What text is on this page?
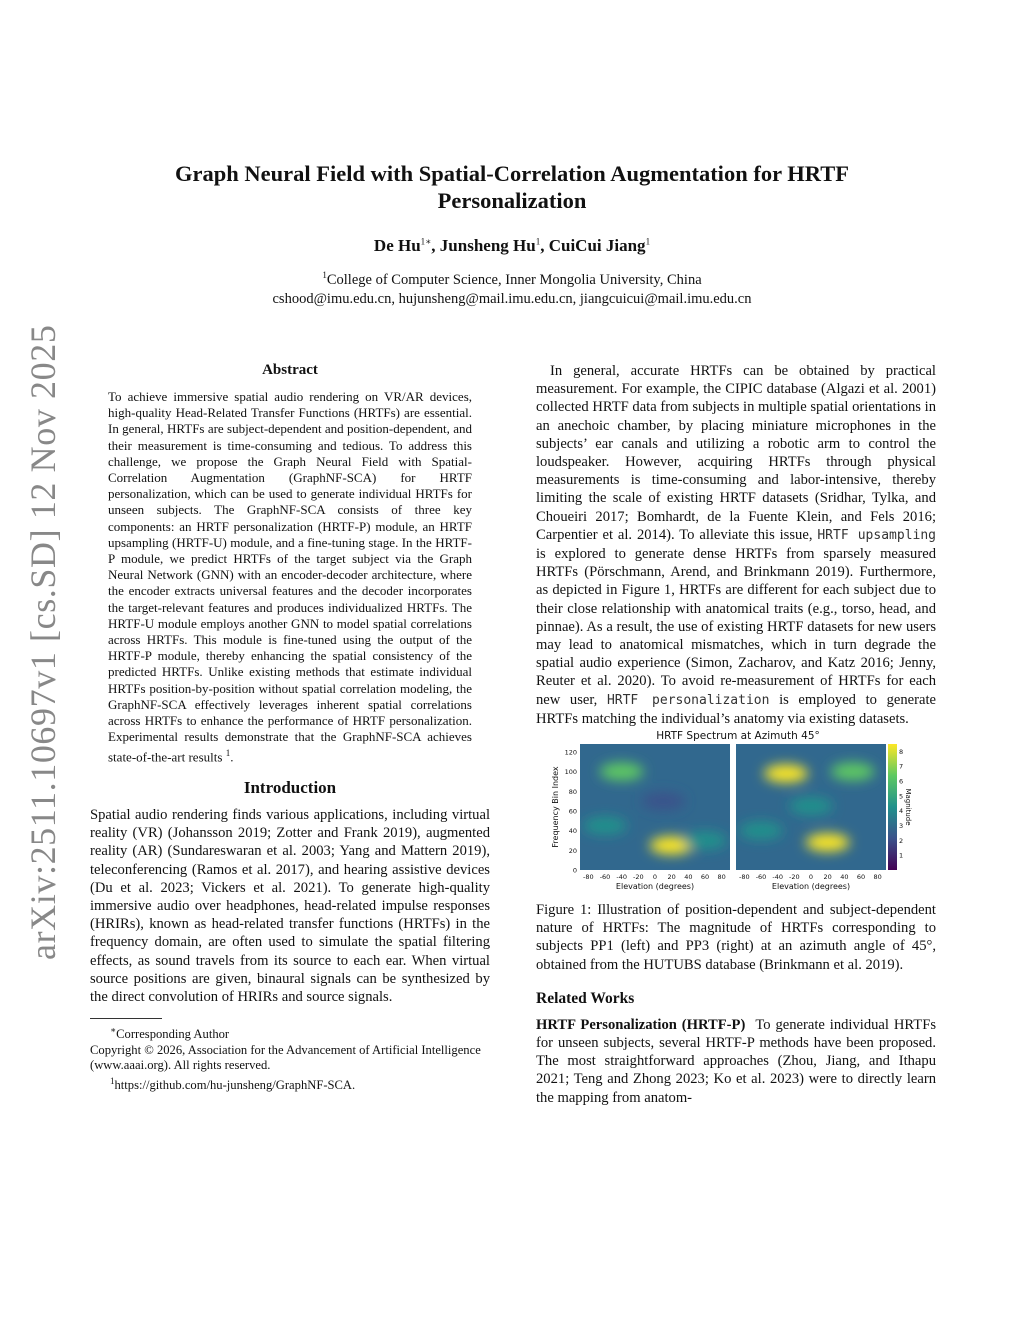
arXiv:2511.10697v1 [cs.SD] 12 Nov 2025
Graph Neural Field with Spatial-Correlation Augmentation for HRTF Personalization
De $Hu^{1∗}$, Junsheng Hu$^1$, CuiCui Jiang$^1$
$^1$College of Computer Science, Inner Mongolia University, China
cshood@imu.edu.cn, hujunsheng@mail.imu.edu.cn, jiangcuicui@mail.imu.edu.cn
Abstract

To achieve immersive spatial audio rendering on VR/AR devices, high-quality Head-Related Transfer Functions (HRTFs) are essential. In general, HRTFs are subject-dependent and position-dependent, and their measurement is time-consuming and tedious. To address this challenge, we propose the Graph Neural Field with Spatial-Correlation Augmentation (GraphNF-SCA) for HRTF personalization, which can be used to generate individual HRTFs for unseen subjects. The GraphNF-SCA consists of three key components: an HRTF personalization (HRTF-P) module, an HRTF upsampling (HRTF-U) module, and a fine-tuning stage. In the HRTF-P module, we predict HRTFs of the target subject via the Graph Neural Network (GNN) with an encoder-decoder architecture, where the encoder extracts universal features and the decoder incorporates the target-relevant features and produces individualized HRTFs. The HRTF-U module employs another GNN to model spatial correlations across HRTFs. This module is fine-tuned using the output of the HRTF-P module, thereby enhancing the spatial consistency of the predicted HRTFs. Unlike existing methods that estimate individual HRTFs position-by-position without spatial correlation modeling, the GraphNF-SCA effectively leverages inherent spatial correlations across HRTFs to enhance the performance of HRTF personalization. Experimental results demonstrate that the GraphNF-SCA achieves state-of-the-art results $^1$.

Introduction

Spatial audio rendering finds various applications, including virtual reality (VR) (Johansson 2019; Zotter and Frank 2019), augmented reality (AR) (Sundareswaran et al. 2003; Yang and Mattern 2019), teleconferencing (Ramos et al. 2017), and hearing assistive devices (Du et al. 2023; Vickers et al. 2021). To generate high-quality immersive audio over headphones, head-related impulse responses (HRIRs), known as head-related transfer functions (HRTFs) in the frequency domain, are often used to simulate the spatial filtering effects, as sound travels from its source to each ear. When virtual source positions are given, binaural signals can be synthesized by the direct convolution of HRIRs and source signals.

∗Corresponding Author
Copyright © 2026, Association for the Advancement of Artificial Intelligence (www.aaai.org). All rights reserved.
$^1$https://github.com/hu-junsheng/GraphNF-SCA.

In general, accurate HRTFs can be obtained by practical measurement. For example, the CIPIC database (Algazi et al. 2001) collected HRTF data from subjects in multiple spatial orientations in an anechoic chamber, by placing miniature microphones in the subjects’ ear canals and utilizing a robotic arm to control the loudspeaker. However, acquiring HRTFs through physical measurements is time-consuming and labor-intensive, thereby limiting the scale of existing HRTF datasets (Sridhar, Tylka, and Choueiri 2017; Bomhardt, de la Fuente Klein, and Fels 2016; Carpentier et al. 2014). To alleviate this issue, HRTF upsampling is explored to generate dense HRTFs from sparsely measured HRTFs (Pörschmann, Arend, and Brinkmann 2019). Furthermore, as depicted in Figure 1, HRTFs are different for each subject due to their close relationship with anatomical traits (e.g., torso, head, and pinnae). As a result, the use of existing HRTF datasets for new users may lead to anatomical mismatches, which in turn degrade the spatial audio experience (Simon, Zacharov, and Katz 2016; Jenny, Reuter et al. 2020). To avoid re-measurement of HRTFs for each new user, HRTF personalization is employed to generate HRTFs matching the individual’s anatomy via existing datasets.

HRTF Spectrum at Azimuth 45°
0
20
40
60
80
100
120
-80 -60 -40 -20 0 20 40 60 80 -80 -60 -40 -20 0 20 40 60 80
Frequency Bin Index
Elevation (degrees)	Elevation (degrees)
1
2
3
4
5
6
7
8
Magnitude

Figure 1: Illustration of position-dependent and subject-dependent nature of HRTFs: The magnitude of HRTFs corresponding to subjects PP1 (left) and PP3 (right) at an azimuth angle of 45°, obtained from the HUTUBS database (Brinkmann et al. 2019).

Related Works

HRTF Personalization (HRTF-P) To generate individual HRTFs for unseen subjects, several HRTF-P methods have been proposed. The most straightforward approaches (Zhou, Jiang, and Ithapu 2021; Teng and Zhong 2023; Ko et al. 2023) were to directly learn the mapping from anatom-
